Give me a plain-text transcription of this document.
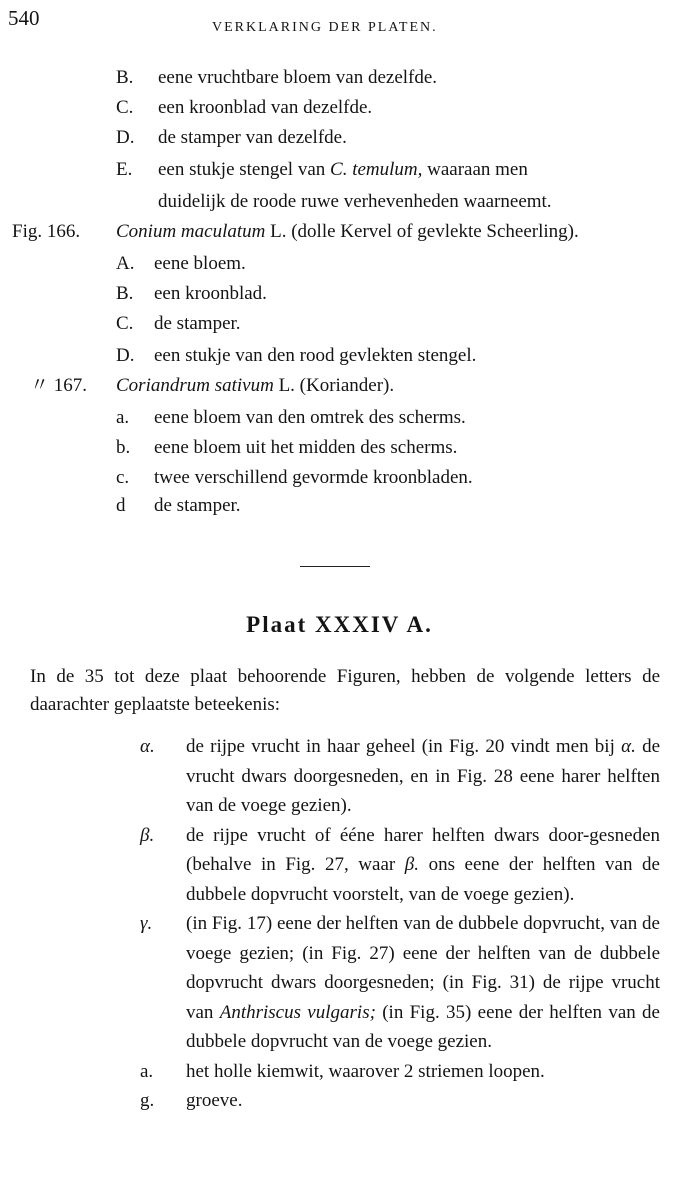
540	VERKLARING DER PLATEN.
B. eene vruchtbare bloem van dezelfde.
C. een kroonblad van dezelfde.
D. de stamper van dezelfde.
E. een stukje stengel van C. temulum, waaraan men
duidelijk de roode ruwe verhevenheden waarneemt.
Fig. 166. Conium maculatum L. (dolle Kervel of gevlekte Scheerling).
A. eene bloem.
B. een kroonblad.
C. de stamper.
D. een stukje van den rood gevlekten stengel.
〃 167. Coriandrum sativum L. (Koriander).
a. eene bloem van den omtrek des scherms.
b. eene bloem uit het midden des scherms.
c. twee verschillend gevormde kroonbladen.
d de stamper.
Plaat XXXIV A.
In de 35 tot deze plaat behoorende Figuren, hebben de volgende letters de daarachter geplaatste beteekenis:
α. de rijpe vrucht in haar geheel (in Fig. 20 vindt men bij α. de vrucht dwars doorgesneden, en in Fig. 28 eene harer helften van de voege gezien).
β. de rijpe vrucht of ééne harer helften dwars door-gesneden (behalve in Fig. 27, waar β. ons eene der helften van de dubbele dopvrucht voorstelt, van de voege gezien).
γ. (in Fig. 17) eene der helften van de dubbele dopvrucht, van de voege gezien; (in Fig. 27) eene der helften van de dubbele dopvrucht dwars doorgesneden; (in Fig. 31) de rijpe vrucht van Anthriscus vulgaris; (in Fig. 35) eene der helften van de dubbele dopvrucht van de voege gezien.
a. het holle kiemwit, waarover 2 striemen loopen.
g. groeve.
